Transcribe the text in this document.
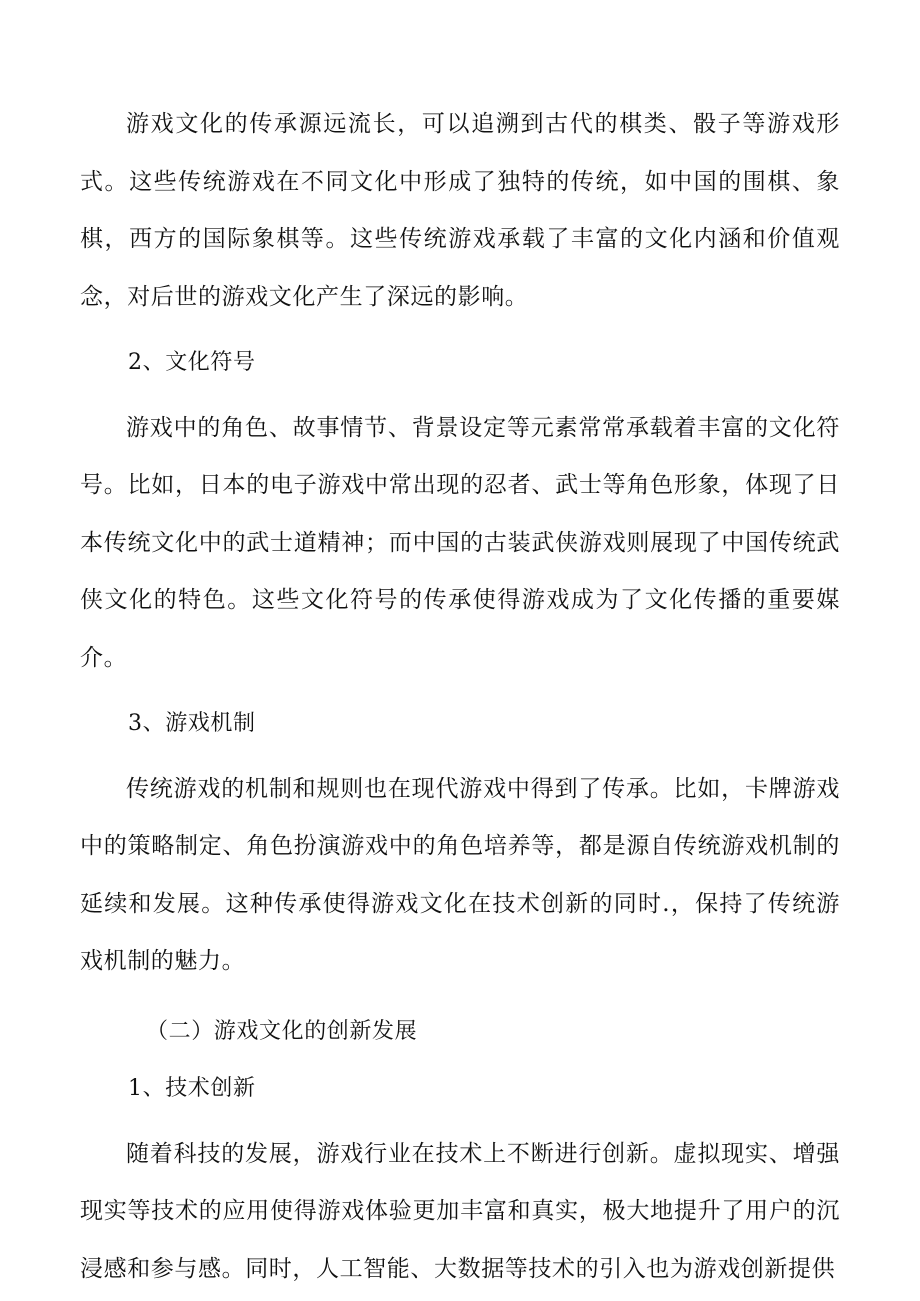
游戏文化的传承源远流长，可以追溯到古代的棋类、骰子等游戏形式。这些传统游戏在不同文化中形成了独特的传统，如中国的围棋、象棋，西方的国际象棋等。这些传统游戏承载了丰富的文化内涵和价值观念，对后世的游戏文化产生了深远的影响。

2、文化符号

游戏中的角色、故事情节、背景设定等元素常常承载着丰富的文化符号。比如，日本的电子游戏中常出现的忍者、武士等角色形象，体现了日本传统文化中的武士道精神；而中国的古装武侠游戏则展现了中国传统武侠文化的特色。这些文化符号的传承使得游戏成为了文化传播的重要媒介。

3、游戏机制

传统游戏的机制和规则也在现代游戏中得到了传承。比如，卡牌游戏中的策略制定、角色扮演游戏中的角色培养等，都是源自传统游戏机制的延续和发展。这种传承使得游戏文化在技术创新的同时.，保持了传统游戏机制的魅力。

（二）游戏文化的创新发展

1、技术创新

随着科技的发展，游戏行业在技术上不断进行创新。虚拟现实、增强现实等技术的应用使得游戏体验更加丰富和真实，极大地提升了用户的沉浸感和参与感。同时，人工智能、大数据等技术的引入也为游戏创新提供
